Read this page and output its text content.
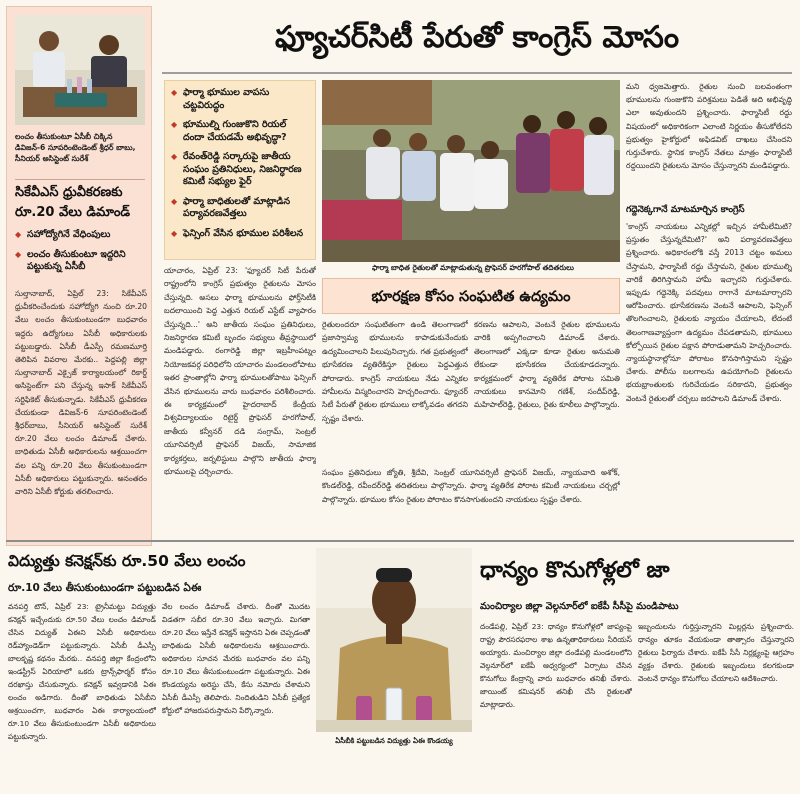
లంచం తీసుకుంటూ ఏసీబీ చిక్కిన డివిజన్-6 సూపరింటెండెంట్ శ్రీధర్ బాబు, సీనియర్ అసిస్టెంట్ సురేశ్
సికేవీఎస్ ధ్రువీకరణకు రూ.20 వేలు డిమాండ్
◆ సహోద్యోగినే వేధింపులు
◆ లంచం తీసుకుంటూ ఇద్దరిని పట్టుకున్న ఏసీబీ
సుల్తానాబాద్, ఏప్రిల్ 23: సికేవీఎస్ ధ్రువీకరించేందుకు సహోద్యోగి నుంచి రూ.20 వేలు లంచం తీసుకుంటుండగా బుధవారం ఇద్దరు ఉద్యోగులు ఏసీబీ అధికారులకు పట్టుబడ్డారు. ఏసీబీ డీఎస్పీ రమణమూర్తి తెలిపిన వివరాల మేరకు.. పెద్దపల్లి జిల్లా సుల్తానాబాద్ ఎక్సైజ్ కార్యాలయంలో రికార్డ్ అసిస్టెంట్‌గా పని చేస్తున్న ఇసాక్ సికేవీఎస్ సర్టిఫికెట్ తీసుకున్నాడు. సికేవీఎస్ ధ్రువీకరణ చేయకుండా డివిజన్-6 సూపరింటెండెంట్ శ్రీధర్‌బాబు, సీనియర్ అసిస్టెంట్ సురేశ్ రూ.20 వేలు లంచం డిమాండ్ చేశారు. బాధితుడు ఏసీబీ అధికారులను ఆశ్రయించగా వల పన్ని రూ.20 వేలు తీసుకుంటుండగా ఏసీబీ అధికారులు పట్టుకున్నారు. అనంతరం వారిని ఏసీబీ కోర్టుకు తరలించారు.
ఫ్యూచర్‌సిటీ పేరుతో కాంగ్రెస్ మోసం
◆ ఫార్మా భూముల వాపసు చట్టవిరుద్ధం
◆ భూముల్ని గుంజుకొని రియల్ దందా చేయడమే అభివృద్ధా?
◆ రేవంత్‌రెడ్డి సర్కారుపై జాతీయ సంఘం ప్రతినిధులు, నిజనిర్ధారణ కమిటీ సభ్యుల ఫైర్
◆ ఫార్మా బాధితులతో మాట్లాడిన పర్యావరణవేత్తలు
◆ ఫెన్సింగ్ వేసిన భూముల పరిశీలన
ఫార్మా బాధిత రైతులతో మాట్లాడుతున్న ప్రొఫెసర్ హరగోపాల్ తదితరులు
యాచారం, ఏప్రిల్ 23: 'ఫ్యూచర్ సిటీ పేరుతో రాష్ట్రంలోని కాంగ్రెస్ ప్రభుత్వం రైతులను మోసం చేస్తున్నది. అసలు ఫార్మా భూములను ఫోర్త్‌సిటీకి బదలాయించి పెద్ద ఎత్తున రియల్ ఎస్టేట్ వ్యాపారం చేస్తున్నది...' అని జాతీయ సంఘం ప్రతినిధులు, నిజనిర్ధారణ కమిటీ బృందం సభ్యులు తీవ్రస్థాయిలో మండిపడ్డారు. రంగారెడ్డి జిల్లా ఇబ్రహీంపట్నం నియోజకవర్గ పరిధిలోని యాచారం మండలంలోపాటు ఇతర ప్రాంతాల్లోని ఫార్మా భూములతోపాటు ఫెన్సింగ్ వేసిన భూములను వారు బుధవారం పరిశీలించారు. ఈ కార్యక్రమంలో హైదరాబాద్ కేంద్రీయ విశ్వవిద్యాలయం రిటైర్డ్ ప్రొఫెసర్ హరగోపాల్, జాతీయ కన్వీనర్ దడి సంగ్రామ్, సెంట్రల్ యూనివర్సిటీ ప్రొఫెసర్ విజయ్, సామాజిక కార్యకర్తలు, జర్నలిస్టులు పాల్గొని జాతీయ ఫార్మా భూములపై చర్చించారు.
భూరక్షణ కోసం సంఘటిత ఉద్యమం
రైతులందరూ సంఘటితంగా ఉండి తెలంగాణలో ప్రజాస్వామ్య భూములను కాపాడుకునేందుకు ఉద్యమించాలని పిలుపునిచ్చారు. గత ప్రభుత్వంలో భూసేకరణ వ్యతిరేకిస్తూ రైతులు పెద్దఎత్తున పోరాడారు. కాంగ్రెస్ నాయకులు నేడు ఎన్నికల హామీలను విస్మరించారని హెచ్చరించారు. ఫ్యూచర్ సిటీ పేరుతో రైతుల భూములు లాక్కోవడం తగదని స్పష్టం చేశారు.
కరణను ఆపాలని, వెంటనే రైతుల భూములను వారికి అప్పగించాలని డిమాండ్ చేశారు. తెలంగాణలో ఎక్కడా కూడా రైతుల అనుమతి లేకుండా భూసేకరణ చేయకూడదన్నారు. కార్యక్రమంలో ఫార్మా వ్యతిరేక పోరాట సమితి నాయకులు కానమోని గణేశ్, సందీప్‌రెడ్డి, మహిపాల్‌రెడ్డి, రైతులు, రైతు కూలీలు పాల్గొన్నారు.
సంఘం ప్రతినిధులు జ్యోతి, శ్రీదేవి, సెంట్రల్ యూనివర్సిటీ ప్రొఫెసర్ విజయ్, న్యాయవాది అశోక్, కొండల్‌రెడ్డి, రవీందర్‌రెడ్డి తదితరులు పాల్గొన్నారు. ఫార్మా వ్యతిరేక పోరాట కమిటీ నాయకులు చర్చల్లో పాల్గొన్నారు. భూముల కోసం రైతుల పోరాటం కొనసాగుతుందని నాయకులు స్పష్టం చేశారు.
మని ధ్వజమెత్తారు. రైతుల నుంచి బలవంతంగా భూములను గుంజుకొని పరిశ్రమలు పెడితే అది అభివృద్ధి ఎలా అవుతుందని ప్రశ్నించారు. ఫార్మాసిటీ రద్దు విషయంలో అధికారికంగా ఎలాంటి నిర్ణయం తీసుకోలేదని ప్రభుత్వం హైకోర్టులో అఫిడవిట్ దాఖలు చేసిందని గుర్తుచేశారు. స్థానిక కాంగ్రెస్ నేతలు మాత్రం ఫార్మాసిటీ రద్దయిందని రైతులను మోసం చేస్తున్నారని మండిపడ్డారు.
గద్దెనెక్కగానే మాటమార్చిన కాంగ్రెస్
'కాంగ్రెస్ నాయకులు ఎన్నికల్లో ఇచ్చిన హామీలేమిటి? ప్రస్తుతం చేస్తున్నదేమిటి?' అని పర్యావరణవేత్తలు ప్రశ్నించారు. అధికారంలోకి వస్తే 2013 చట్టం అమలు చేస్తామని, ఫార్మాసిటీ రద్దు చేస్తామని, రైతుల భూముల్ని వారికే తిరిగిస్తామని హామీ ఇచ్చారని గుర్తుచేశారు. ఇప్పుడు గద్దెనెక్కి పదవులు రాగానే మాటమార్చారని ఆరోపించారు. భూసేకరణను వెంటనే ఆపాలని, ఫెన్సింగ్ తొలగించాలని, రైతులకు న్యాయం చేయాలని, లేదంటే తెలంగాణవ్యాప్తంగా ఉద్యమం చేపడతామని, భూములు కోల్పోయిన రైతుల పక్షాన పోరాడుతామని హెచ్చరించారు. న్యాయస్థానాల్లోనూ పోరాటం కొనసాగిస్తామని స్పష్టం చేశారు. పోలీసు బలగాలను ఉపయోగించి రైతులను భయభ్రాంతులకు గురిచేయడం సరికాదని, ప్రభుత్వం వెంటనే రైతులతో చర్చలు జరపాలని డిమాండ్ చేశారు.
విద్యుత్తు కనెక్షన్‌కు రూ.50 వేలు లంచం
రూ.10 వేలు తీసుకుంటుండగా పట్టుబడిన ఏఈ
వనపర్తి టౌన్, ఏప్రిల్ 23: ట్రైనీమట్టు విద్యుత్తు కనెక్షన్ ఇచ్చేందుకు రూ.50 వేలు లంచం డిమాండ్ చేసిన విద్యుత్ ఏఈని ఏసీబీ అధికారులు రెడ్‌హ్యాండెడ్‌గా పట్టుకున్నారు. ఏసీబీ డీఎస్పీ బాలకృష్ణ కథనం మేరకు.. వనపర్తి జిల్లా కేంద్రంలోని ఇండస్ట్రీస్ ఏరియాలో ఒకరు ట్రాన్స్‌ఫార్మర్ కోసం దరఖాస్తు చేసుకున్నారు. కనెక్షన్ ఇవ్వడానికి ఏఈ లంచం అడిగారు. దీంతో బాధితుడు ఏసీబీని ఆశ్రయించగా, బుధవారం ఏఈ కార్యాలయంలో రూ.10 వేలు తీసుకుంటుండగా ఏసీబీ అధికారులు పట్టుకున్నారు.
వేల లంచం డిమాండ్ చేశారు. దీంతో మొదట విడతగా సబీర రూ.30 వేలు ఇచ్చారు. మిగతా రూ.20 వేలు ఇస్తేనే కనెక్షన్ ఇస్తానని ఏఈ చెప్పడంతో బాధితుడు ఏసీబీ అధికారులను ఆశ్రయించారు. అధికారుల సూచన మేరకు బుధవారం వల పన్ని రూ.10 వేలు తీసుకుంటుండగా పట్టుకున్నారు. ఏఈ కొండయ్యను అరెస్టు చేసి, కేసు నమోదు చేశామని ఏసీబీ డీఎస్పీ తెలిపారు. నిందితుడిని ఏసీబీ ప్రత్యేక కోర్టులో హాజరుపరుస్తామని పేర్కొన్నారు.
ఏసీబీకి పట్టుబడిన విద్యుత్తు ఏఈ కొండయ్య
ధాన్యం కొనుగోళ్లలో జా
మంచిర్యాల జిల్లా వెల్గనూర్‌లో ఐకేపీ సీసీపై మండిపాటు
దండేపల్లి, ఏప్రిల్ 23: ధాన్యం కొనుగోళ్లలో జాప్యంపై రాష్ట్ర పౌరసరఫరాల శాఖ ఉన్నతాధికారులు సీరియస్ అయ్యారు. మంచిర్యాల జిల్లా దండేపల్లి మండలంలోని వెల్గనూర్‌లో ఐకేపీ ఆధ్వర్యంలో ఏర్పాటు చేసిన కొనుగోలు కేంద్రాన్ని వారు బుధవారం తనిఖీ చేశారు. జాయింట్ కమిషనర్ తనిఖీ చేసి రైతులతో మాట్లాడారు.
ఇబ్బందులను గుర్తిస్తున్నారని మిల్లర్లను ప్రశ్నించారు. ధాన్యం తూకం వేయకుండా తాత్సారం చేస్తున్నారని రైతులు ఫిర్యాదు చేశారు. ఐకేపీ సీసీ నిర్లక్ష్యంపై ఆగ్రహం వ్యక్తం చేశారు. రైతులకు ఇబ్బందులు కలగకుండా వెంటనే ధాన్యం కొనుగోలు చేయాలని ఆదేశించారు.
